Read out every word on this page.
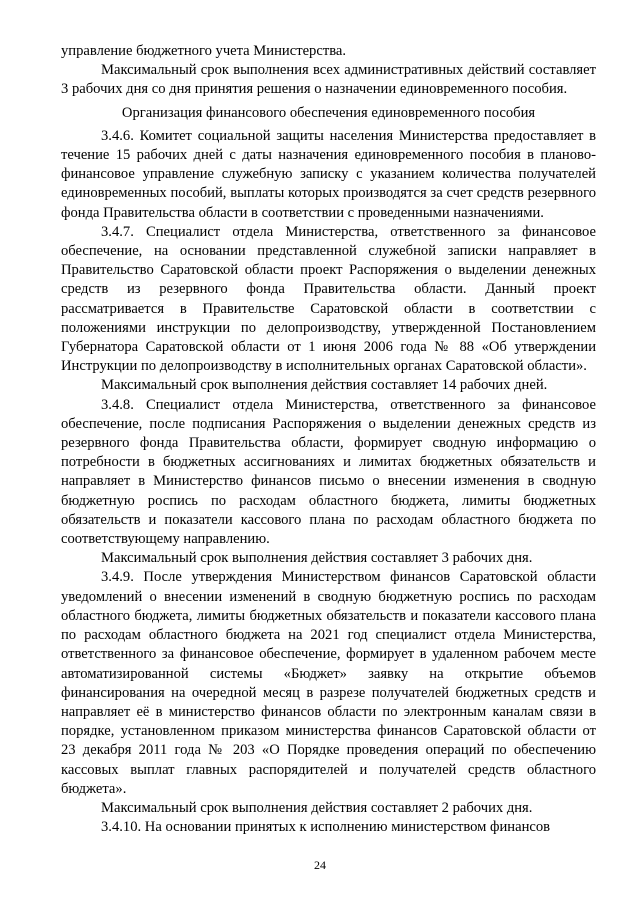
управление бюджетного учета Министерства.

Максимальный срок выполнения всех административных действий составляет 3 рабочих дня со дня принятия решения о назначении единовременного пособия.

Организация финансового обеспечения единовременного пособия

3.4.6. Комитет социальной защиты населения Министерства предоставляет в течение 15 рабочих дней с даты назначения единовременного пособия в планово-финансовое управление служебную записку с указанием количества получателей единовременных пособий, выплаты которых производятся за счет средств резервного фонда Правительства области в соответствии с проведенными назначениями.

3.4.7. Специалист отдела Министерства, ответственного за финансовое обеспечение, на основании представленной служебной записки направляет в Правительство Саратовской области проект Распоряжения о выделении денежных средств из резервного фонда Правительства области. Данный проект рассматривается в Правительстве Саратовской области в соответствии с положениями инструкции по делопроизводству, утвержденной Постановлением Губернатора Саратовской области от 1 июня 2006 года № 88 «Об утверждении Инструкции по делопроизводству в исполнительных органах Саратовской области».

Максимальный срок выполнения действия составляет 14 рабочих дней.

3.4.8. Специалист отдела Министерства, ответственного за финансовое обеспечение, после подписания Распоряжения о выделении денежных средств из резервного фонда Правительства области, формирует сводную информацию о потребности в бюджетных ассигнованиях и лимитах бюджетных обязательств и направляет в Министерство финансов письмо о внесении изменения в сводную бюджетную роспись по расходам областного бюджета, лимиты бюджетных обязательств и показатели кассового плана по расходам областного бюджета по соответствующему направлению.

Максимальный срок выполнения действия составляет 3 рабочих дня.

3.4.9. После утверждения Министерством финансов Саратовской области уведомлений о внесении изменений в сводную бюджетную роспись по расходам областного бюджета, лимиты бюджетных обязательств и показатели кассового плана по расходам областного бюджета на 2021 год специалист отдела Министерства, ответственного за финансовое обеспечение, формирует в удаленном рабочем месте автоматизированной системы «Бюджет» заявку на открытие объемов финансирования на очередной месяц в разрезе получателей бюджетных средств и направляет её в министерство финансов области по электронным каналам связи в порядке, установленном приказом министерства финансов Саратовской области от 23 декабря 2011 года № 203 «О Порядке проведения операций по обеспечению кассовых выплат главных распорядителей и получателей средств областного бюджета».

Максимальный срок выполнения действия составляет 2 рабочих дня.

3.4.10. На основании принятых к исполнению министерством финансов

24
